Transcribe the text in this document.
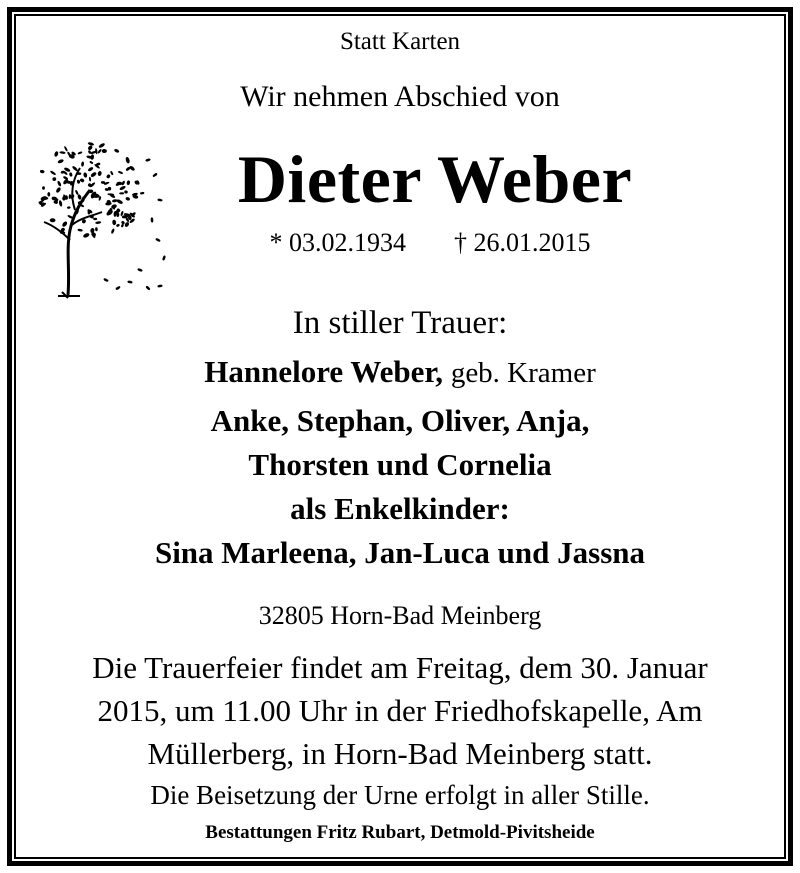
Statt Karten
Wir nehmen Abschied von
Dieter Weber
* 03.02.1934 † 26.01.2015
In stiller Trauer:
Hannelore Weber, geb. Kramer
Anke, Stephan, Oliver, Anja,
Thorsten und Cornelia
als Enkelkinder:
Sina Marleena, Jan-Luca und Jassna
32805 Horn-Bad Meinberg
Die Trauerfeier findet am Freitag, dem 30. Januar
2015, um 11.00 Uhr in der Friedhofskapelle, Am
Müllerberg, in Horn-Bad Meinberg statt.
Die Beisetzung der Urne erfolgt in aller Stille.
Bestattungen Fritz Rubart, Detmold-Pivitsheide
